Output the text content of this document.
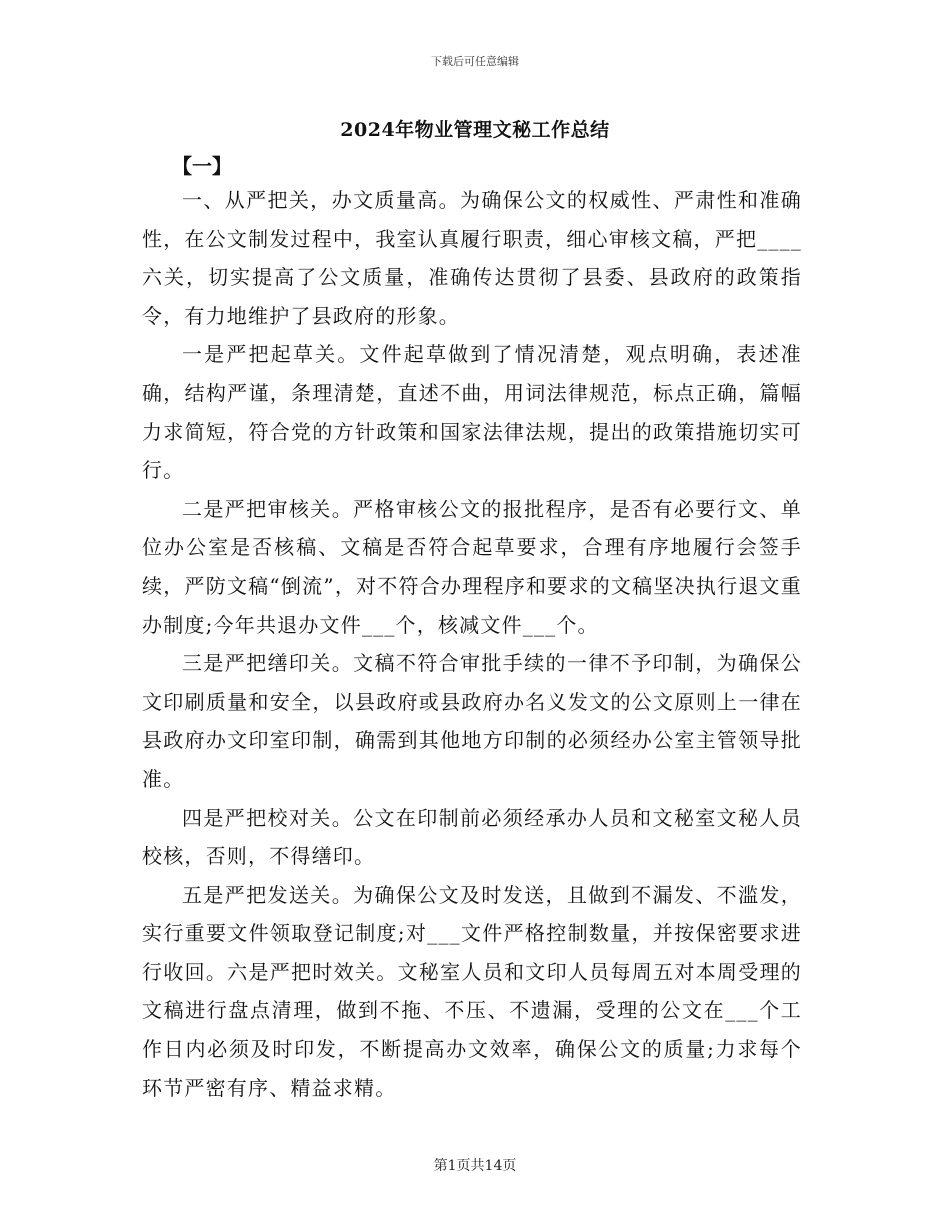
下载后可任意编辑
2024年物业管理文秘工作总结
【一】

一、从严把关，办文质量高。为确保公文的权威性、严肃性和准确性，在公文制发过程中，我室认真履行职责，细心审核文稿，严把____六关，切实提高了公文质量，准确传达贯彻了县委、县政府的政策指令，有力地维护了县政府的形象。

一是严把起草关。文件起草做到了情况清楚，观点明确，表述准确，结构严谨，条理清楚，直述不曲，用词法律规范，标点正确，篇幅力求简短，符合党的方针政策和国家法律法规，提出的政策措施切实可行。

二是严把审核关。严格审核公文的报批程序，是否有必要行文、单位办公室是否核稿、文稿是否符合起草要求，合理有序地履行会签手续，严防文稿“倒流”，对不符合办理程序和要求的文稿坚决执行退文重办制度;今年共退办文件___个，核减文件___个。

三是严把缮印关。文稿不符合审批手续的一律不予印制，为确保公文印刷质量和安全，以县政府或县政府办名义发文的公文原则上一律在县政府办文印室印制，确需到其他地方印制的必须经办公室主管领导批准。

四是严把校对关。公文在印制前必须经承办人员和文秘室文秘人员校核，否则，不得缮印。

五是严把发送关。为确保公文及时发送，且做到不漏发、不滥发，实行重要文件领取登记制度;对___文件严格控制数量，并按保密要求进行收回。六是严把时效关。文秘室人员和文印人员每周五对本周受理的文稿进行盘点清理，做到不拖、不压、不遗漏，受理的公文在___个工作日内必须及时印发，不断提高办文效率，确保公文的质量;力求每个环节严密有序、精益求精。

第1页共14页
